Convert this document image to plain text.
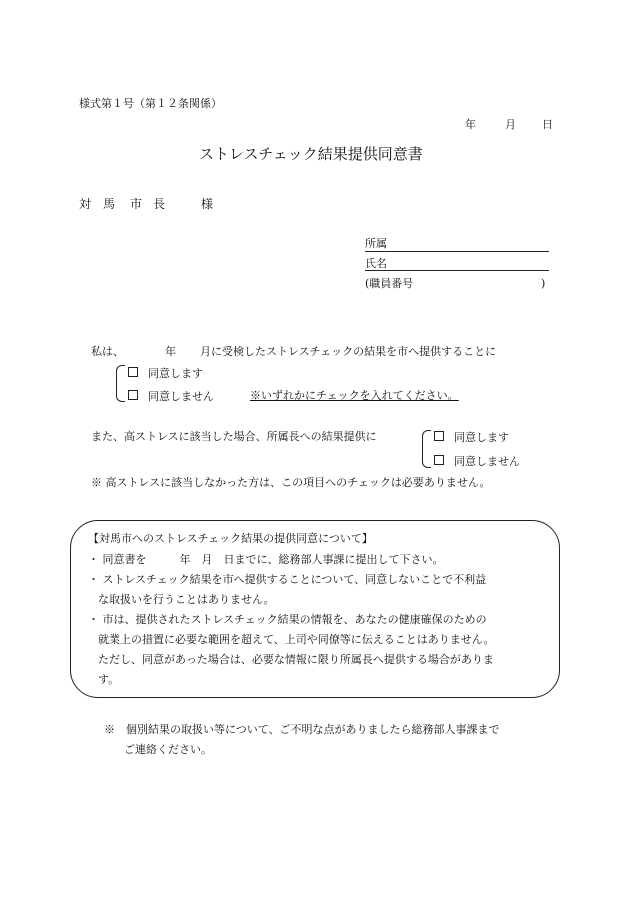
様式第１号（第１２条関係）
年	月 日
ストレスチェック結果提供同意書
対 馬 市 長	様
所属
氏名
(職員番号	)
私は、	年 月に受検したストレスチェックの結果を市へ提供することに
同意します
同意しません	※いずれかにチェックを入れてください。
また、高ストレスに該当した場合、所属長への結果提供に	同意します
同意しません
※ 高ストレスに該当しなかった方は、この項目へのチェックは必要ありません。
【対馬市へのストレスチェック結果の提供同意について】
・ 同意書を　　　年　月　日までに、総務部人事課に提出して下さい。
・ ストレスチェック結果を市へ提供することについて、同意しないことで不利益
な取扱いを行うことはありません。
・ 市は、提供されたストレスチェック結果の情報を、あなたの健康確保のための
就業上の措置に必要な範囲を超えて、上司や同僚等に伝えることはありません。
ただし、同意があった場合は、必要な情報に限り所属長へ提供する場合がありま
す。
※　個別結果の取扱い等について、ご不明な点がありましたら総務部人事課まで
ご連絡ください。
